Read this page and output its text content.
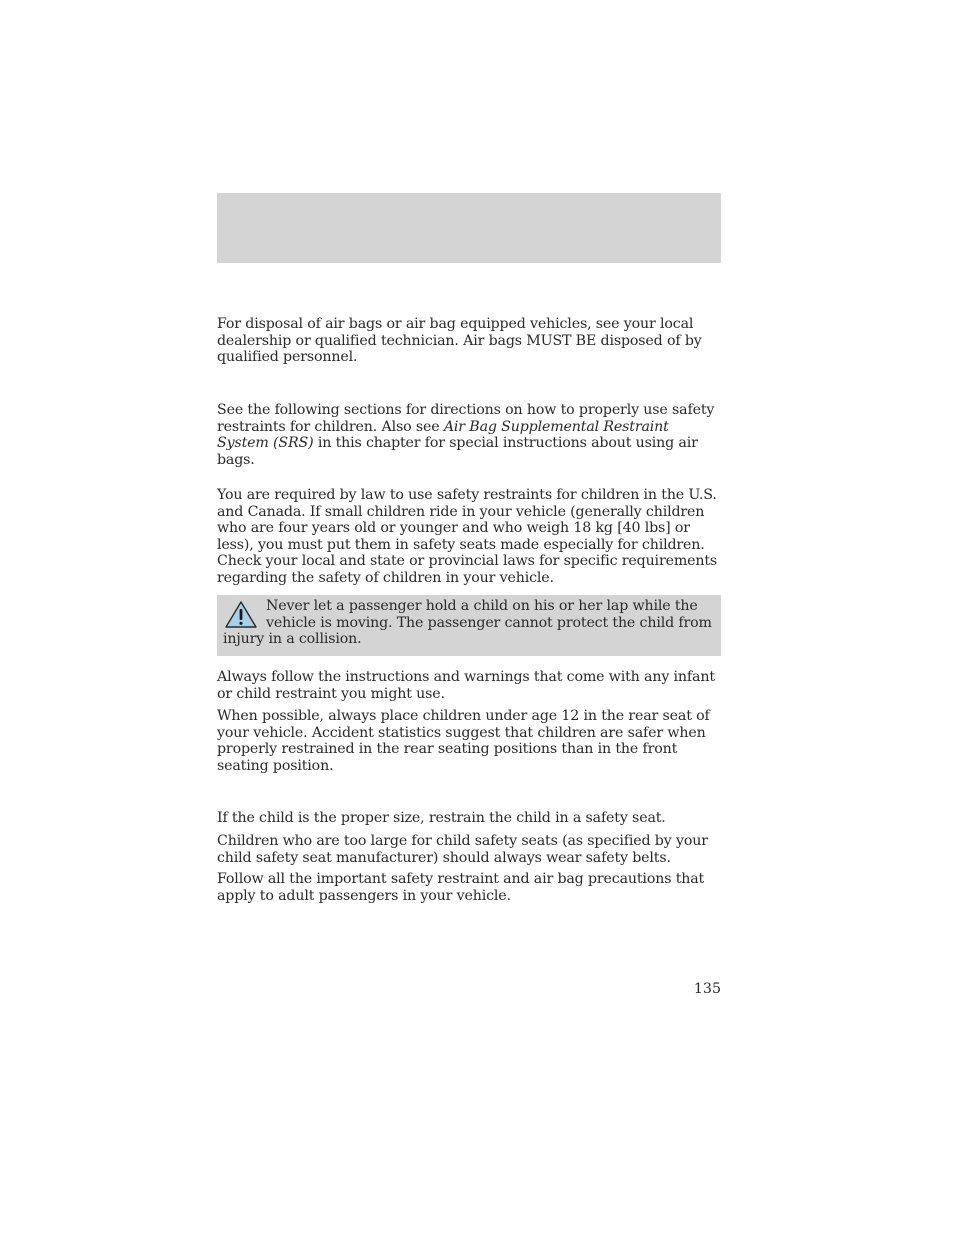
For disposal of air bags or air bag equipped vehicles, see your local dealership or qualified technician. Air bags MUST BE disposed of by qualified personnel.

See the following sections for directions on how to properly use safety restraints for children. Also see Air Bag Supplemental Restraint System (SRS) in this chapter for special instructions about using air bags.

You are required by law to use safety restraints for children in the U.S. and Canada. If small children ride in your vehicle (generally children who are four years old or younger and who weigh 18 kg [40 lbs] or less), you must put them in safety seats made especially for children. Check your local and state or provincial laws for specific requirements regarding the safety of children in your vehicle.

Never let a passenger hold a child on his or her lap while the vehicle is moving. The passenger cannot protect the child from injury in a collision.

Always follow the instructions and warnings that come with any infant or child restraint you might use.

When possible, always place children under age 12 in the rear seat of your vehicle. Accident statistics suggest that children are safer when properly restrained in the rear seating positions than in the front seating position.

If the child is the proper size, restrain the child in a safety seat.

Children who are too large for child safety seats (as specified by your child safety seat manufacturer) should always wear safety belts.

Follow all the important safety restraint and air bag precautions that apply to adult passengers in your vehicle.

135
